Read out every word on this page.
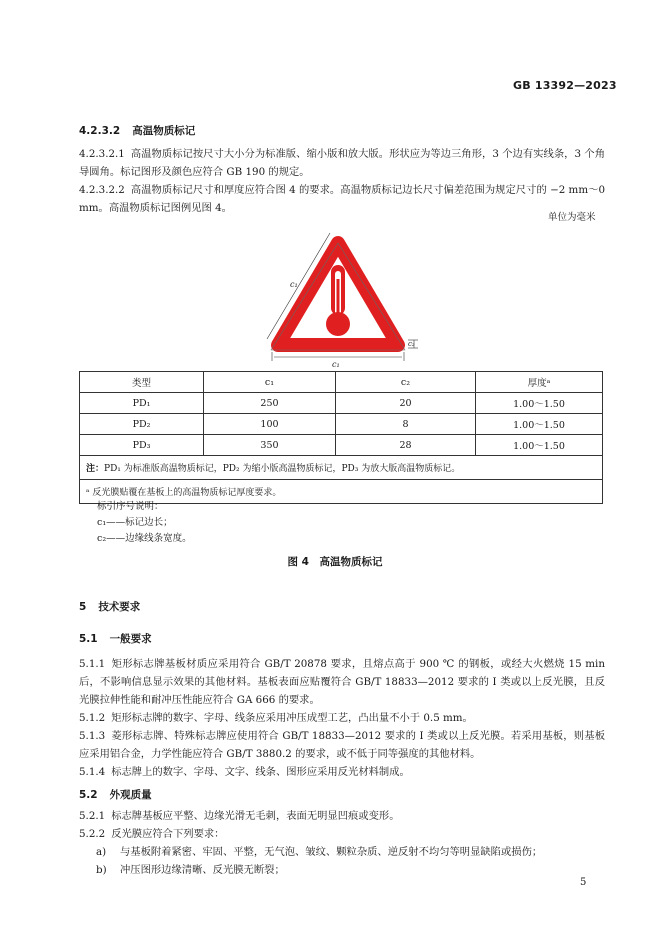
GB 13392—2023
4.2.3.2 高温物质标记
4.2.3.2.1 高温物质标记按尺寸大小分为标准版、缩小版和放大版。形状应为等边三角形，3 个边有实线条，3 个角导圆角。标记图形及颜色应符合 GB 190 的规定。
4.2.3.2.2 高温物质标记尺寸和厚度应符合图 4 的要求。高温物质标记边长尺寸偏差范围为规定尺寸的 −2 mm～0 mm。高温物质标记图例见图 4。
单位为毫米
c₁
c₁
c₂
类型	c₁	c₂	厚度ᵃ
PD₁	250	20	1.00～1.50
PD₂	100	8	1.00～1.50
PD₃	350	28	1.00～1.50
注：PD₁ 为标准版高温物质标记，PD₂ 为缩小版高温物质标记，PD₃ 为放大版高温物质标记。			
ᵃ 反光膜贴覆在基板上的高温物质标记厚度要求。			
标引序号说明：
c₁——标记边长；
c₂——边缘线条宽度。
图 4　高温物质标记
5 技术要求
5.1 一般要求
5.1.1 矩形标志牌基板材质应采用符合 GB/T 20878 要求，且熔点高于 900 ℃ 的钢板，或经大火燃烧 15 min 后，不影响信息显示效果的其他材料。基板表面应贴覆符合 GB/T 18833—2012 要求的 Ⅰ 类或以上反光膜，且反光膜拉伸性能和耐冲压性能应符合 GA 666 的要求。
5.1.2 矩形标志牌的数字、字母、线条应采用冲压成型工艺，凸出量不小于 0.5 mm。
5.1.3 菱形标志牌、特殊标志牌应使用符合 GB/T 18833—2012 要求的 Ⅰ 类或以上反光膜。若采用基板，则基板应采用铝合金，力学性能应符合 GB/T 3880.2 的要求，或不低于同等强度的其他材料。
5.1.4 标志牌上的数字、字母、文字、线条、图形应采用反光材料制成。
5.2 外观质量
5.2.1 标志牌基板应平整、边缘光滑无毛刺，表面无明显凹痕或变形。
5.2.2 反光膜应符合下列要求：
a) 与基板附着紧密、牢固、平整，无气泡、皱纹、颗粒杂质、逆反射不均匀等明显缺陷或损伤；
b) 冲压图形边缘清晰、反光膜无断裂；
5
